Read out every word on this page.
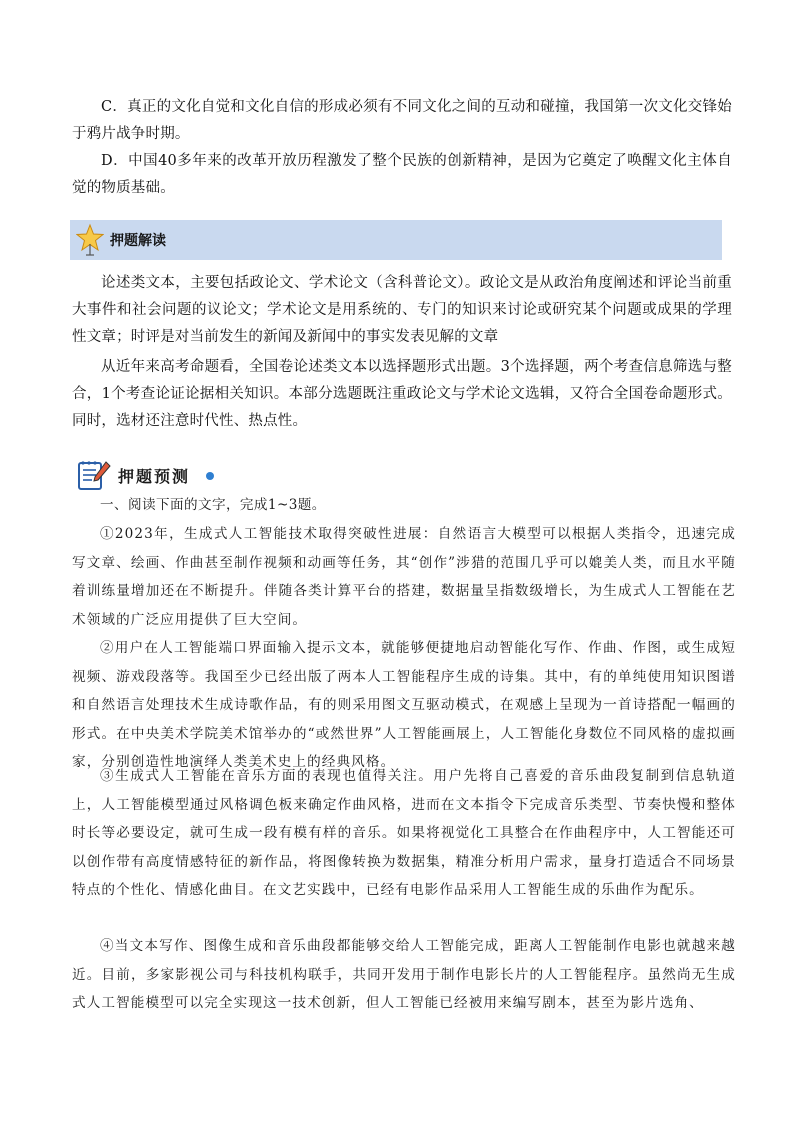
C．真正的文化自觉和文化自信的形成必须有不同文化之间的互动和碰撞，我国第一次文化交锋始于鸦片战争时期。

D．中国40多年来的改革开放历程激发了整个民族的创新精神，是因为它奠定了唤醒文化主体自觉的物质基础。

押题解读

论述类文本，主要包括政论文、学术论文（含科普论文）。政论文是从政治角度阐述和评论当前重大事件和社会问题的议论文；学术论文是用系统的、专门的知识来讨论或研究某个问题或成果的学理性文章；时评是对当前发生的新闻及新闻中的事实发表见解的文章

从近年来高考命题看，全国卷论述类文本以选择题形式出题。3个选择题，两个考查信息筛选与整合，1个考查论证论据相关知识。本部分选题既注重政论文与学术论文选辑，又符合全国卷命题形式。同时，选材还注意时代性、热点性。

押题预测

一、阅读下面的文字，完成1~3题。

①2023年，生成式人工智能技术取得突破性进展：自然语言大模型可以根据人类指令，迅速完成写文章、绘画、作曲甚至制作视频和动画等任务，其“创作”涉猎的范围几乎可以媲美人类，而且水平随着训练量增加还在不断提升。伴随各类计算平台的搭建，数据量呈指数级增长，为生成式人工智能在艺术领域的广泛应用提供了巨大空间。

②用户在人工智能端口界面输入提示文本，就能够便捷地启动智能化写作、作曲、作图，或生成短视频、游戏段落等。我国至少已经出版了两本人工智能程序生成的诗集。其中，有的单纯使用知识图谱和自然语言处理技术生成诗歌作品，有的则采用图文互驱动模式，在观感上呈现为一首诗搭配一幅画的形式。在中央美术学院美术馆举办的“或然世界”人工智能画展上，人工智能化身数位不同风格的虚拟画家，分别创造性地演绎人类美术史上的经典风格。

③生成式人工智能在音乐方面的表现也值得关注。用户先将自己喜爱的音乐曲段复制到信息轨道上，人工智能模型通过风格调色板来确定作曲风格，进而在文本指令下完成音乐类型、节奏快慢和整体时长等必要设定，就可生成一段有模有样的音乐。如果将视觉化工具整合在作曲程序中，人工智能还可以创作带有高度情感特征的新作品，将图像转换为数据集，精准分析用户需求，量身打造适合不同场景特点的个性化、情感化曲目。在文艺实践中，已经有电影作品采用人工智能生成的乐曲作为配乐。

④当文本写作、图像生成和音乐曲段都能够交给人工智能完成，距离人工智能制作电影也就越来越近。目前，多家影视公司与科技机构联手，共同开发用于制作电影长片的人工智能程序。虽然尚无生成式人工智能模型可以完全实现这一技术创新，但人工智能已经被用来编写剧本，甚至为影片选角、
